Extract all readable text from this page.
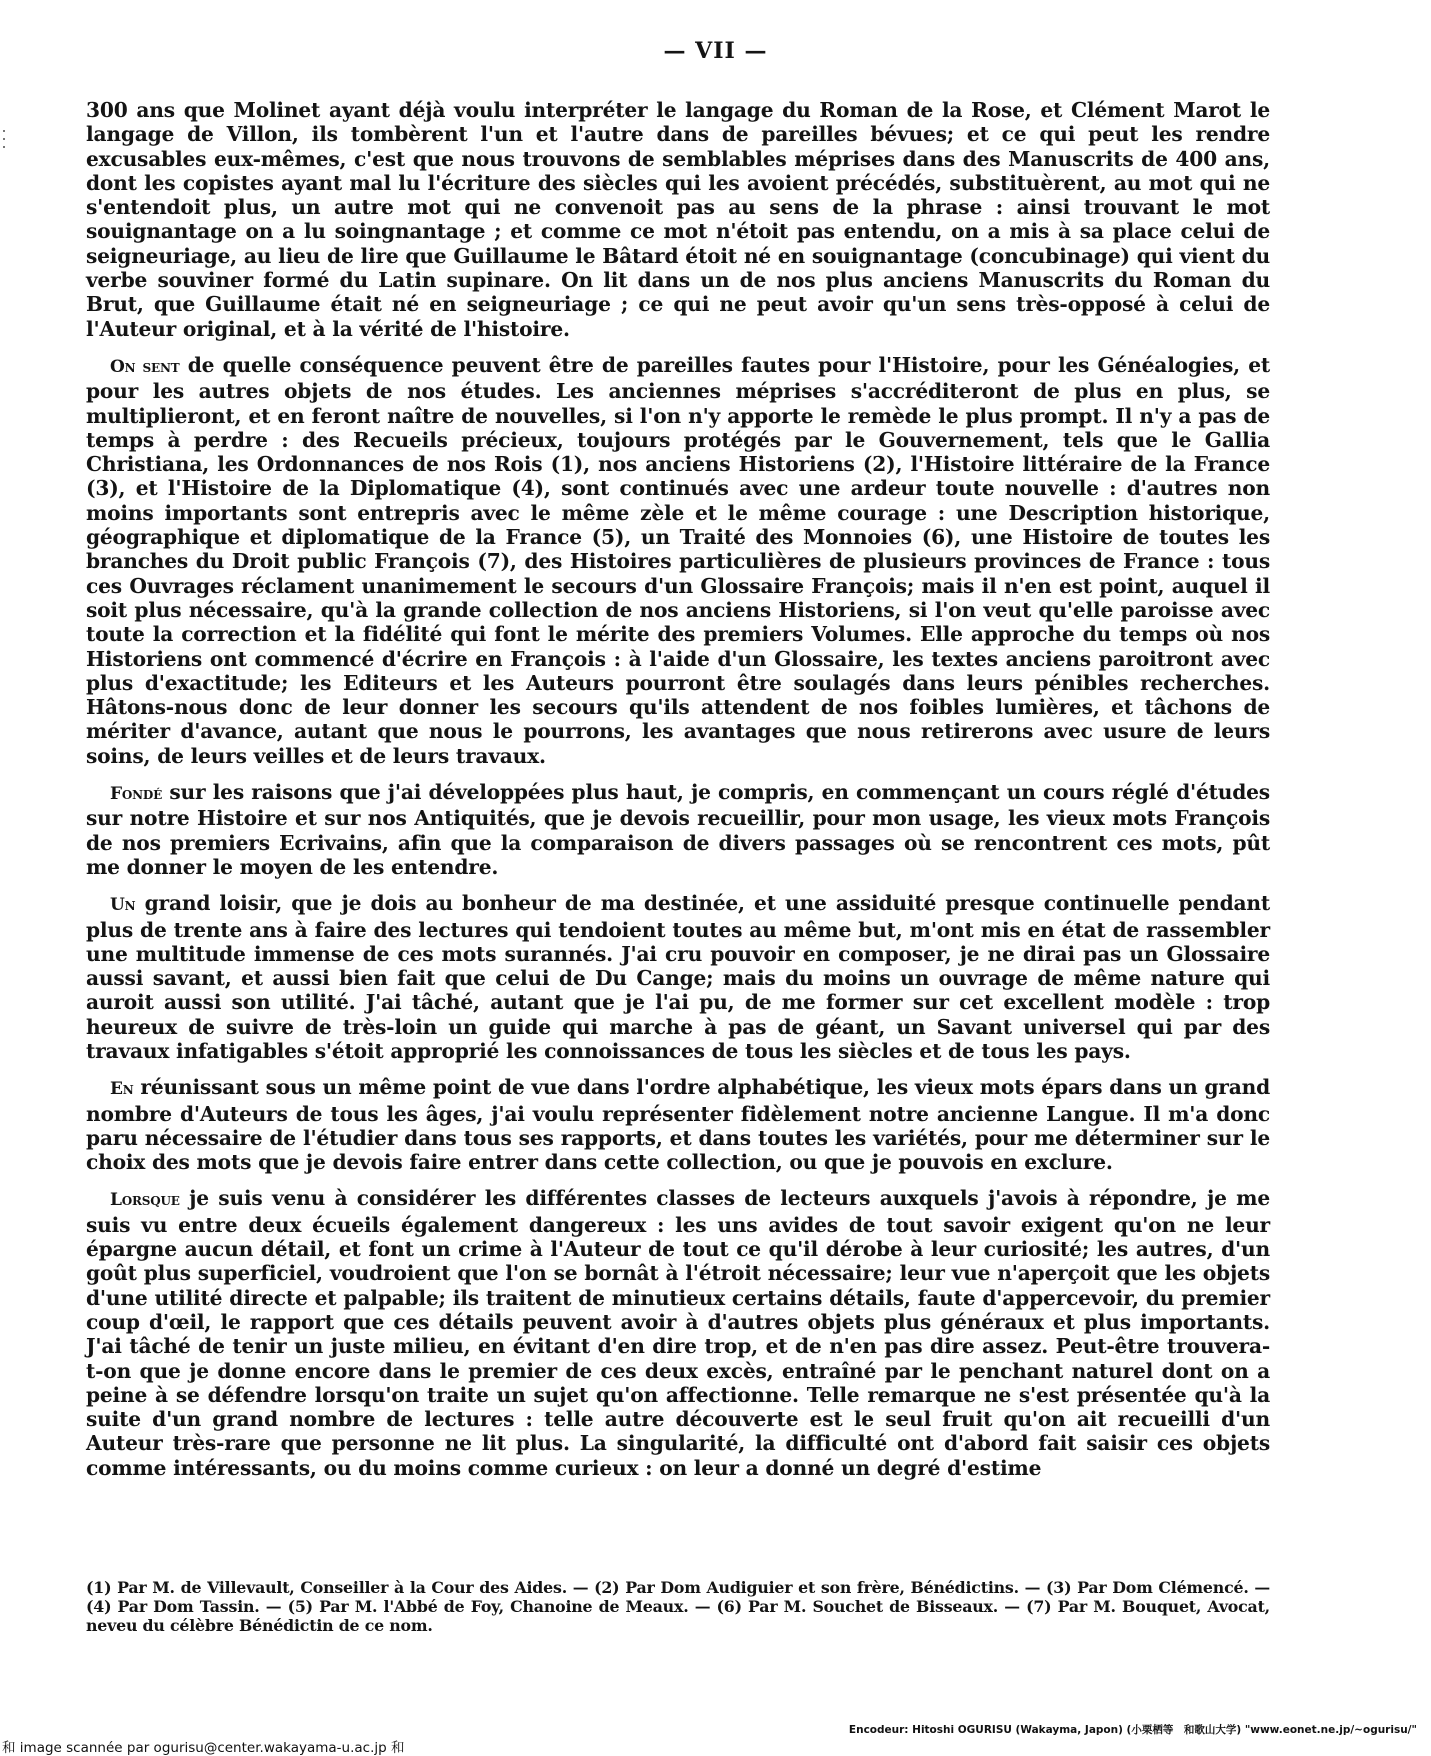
— VII —

300 ans que Molinet ayant déjà voulu interpréter le langage du Roman de la Rose, et Clément Marot le langage de Villon, ils tombèrent l'un et l'autre dans de pareilles bévues; et ce qui peut les rendre excusables eux-mêmes, c'est que nous trouvons de semblables méprises dans des Manuscrits de 400 ans, dont les copistes ayant mal lu l'écriture des siècles qui les avoient précédés, substituèrent, au mot qui ne s'entendoit plus, un autre mot qui ne convenoit pas au sens de la phrase : ainsi trouvant le mot souignantage on a lu soingnantage ; et comme ce mot n'étoit pas entendu, on a mis à sa place celui de seigneuriage, au lieu de lire que Guillaume le Bâtard étoit né en souignantage (concubinage) qui vient du verbe souviner formé du Latin supinare. On lit dans un de nos plus anciens Manuscrits du Roman du Brut, que Guillaume était né en seigneuriage ; ce qui ne peut avoir qu'un sens très-opposé à celui de l'Auteur original, et à la vérité de l'histoire.

On sent de quelle conséquence peuvent être de pareilles fautes pour l'Histoire, pour les Généalogies, et pour les autres objets de nos études. Les anciennes méprises s'accréditeront de plus en plus, se multiplieront, et en feront naître de nouvelles, si l'on n'y apporte le remède le plus prompt. Il n'y a pas de temps à perdre : des Recueils précieux, toujours protégés par le Gouvernement, tels que le Gallia Christiana, les Ordonnances de nos Rois (1), nos anciens Historiens (2), l'Histoire littéraire de la France (3), et l'Histoire de la Diplomatique (4), sont continués avec une ardeur toute nouvelle : d'autres non moins importants sont entrepris avec le même zèle et le même courage : une Description historique, géographique et diplomatique de la France (5), un Traité des Monnoies (6), une Histoire de toutes les branches du Droit public François (7), des Histoires particulières de plusieurs provinces de France : tous ces Ouvrages réclament unanimement le secours d'un Glossaire François; mais il n'en est point, auquel il soit plus nécessaire, qu'à la grande collection de nos anciens Historiens, si l'on veut qu'elle paroisse avec toute la correction et la fidélité qui font le mérite des premiers Volumes. Elle approche du temps où nos Historiens ont commencé d'écrire en François : à l'aide d'un Glossaire, les textes anciens paroitront avec plus d'exactitude; les Editeurs et les Auteurs pourront être soulagés dans leurs pénibles recherches. Hâtons-nous donc de leur donner les secours qu'ils attendent de nos foibles lumières, et tâchons de mériter d'avance, autant que nous le pourrons, les avantages que nous retirerons avec usure de leurs soins, de leurs veilles et de leurs travaux.

Fondé sur les raisons que j'ai développées plus haut, je compris, en commençant un cours réglé d'études sur notre Histoire et sur nos Antiquités, que je devois recueillir, pour mon usage, les vieux mots François de nos premiers Ecrivains, afin que la comparaison de divers passages où se rencontrent ces mots, pût me donner le moyen de les entendre.

Un grand loisir, que je dois au bonheur de ma destinée, et une assiduité presque continuelle pendant plus de trente ans à faire des lectures qui tendoient toutes au même but, m'ont mis en état de rassembler une multitude immense de ces mots surannés. J'ai cru pouvoir en composer, je ne dirai pas un Glossaire aussi savant, et aussi bien fait que celui de Du Cange; mais du moins un ouvrage de même nature qui auroit aussi son utilité. J'ai tâché, autant que je l'ai pu, de me former sur cet excellent modèle : trop heureux de suivre de très-loin un guide qui marche à pas de géant, un Savant universel qui par des travaux infatigables s'étoit approprié les connoissances de tous les siècles et de tous les pays.

En réunissant sous un même point de vue dans l'ordre alphabétique, les vieux mots épars dans un grand nombre d'Auteurs de tous les âges, j'ai voulu représenter fidèlement notre ancienne Langue. Il m'a donc paru nécessaire de l'étudier dans tous ses rapports, et dans toutes les variétés, pour me déterminer sur le choix des mots que je devois faire entrer dans cette collection, ou que je pouvois en exclure.

Lorsque je suis venu à considérer les différentes classes de lecteurs auxquels j'avois à répondre, je me suis vu entre deux écueils également dangereux : les uns avides de tout savoir exigent qu'on ne leur épargne aucun détail, et font un crime à l'Auteur de tout ce qu'il dérobe à leur curiosité; les autres, d'un goût plus superficiel, voudroient que l'on se bornât à l'étroit nécessaire; leur vue n'aperçoit que les objets d'une utilité directe et palpable; ils traitent de minutieux certains détails, faute d'appercevoir, du premier coup d'œil, le rapport que ces détails peuvent avoir à d'autres objets plus généraux et plus importants. J'ai tâché de tenir un juste milieu, en évitant d'en dire trop, et de n'en pas dire assez. Peut-être trouvera-t-on que je donne encore dans le premier de ces deux excès, entraîné par le penchant naturel dont on a peine à se défendre lorsqu'on traite un sujet qu'on affectionne. Telle remarque ne s'est présentée qu'à la suite d'un grand nombre de lectures : telle autre découverte est le seul fruit qu'on ait recueilli d'un Auteur très-rare que personne ne lit plus. La singularité, la difficulté ont d'abord fait saisir ces objets comme intéressants, ou du moins comme curieux : on leur a donné un degré d'estime

(1) Par M. de Villevault, Conseiller à la Cour des Aides. — (2) Par Dom Audiguier et son frère, Bénédictins. — (3) Par Dom Clémencé. — (4) Par Dom Tassin. — (5) Par M. l'Abbé de Foy, Chanoine de Meaux. — (6) Par M. Souchet de Bisseaux. — (7) Par M. Bouquet, Avocat, neveu du célèbre Bénédictin de ce nom.

Encodeur: Hitoshi OGURISU (Wakayma, Japon) (小栗栖等　和歌山大学) "www.eonet.ne.jp/~ogurisu/"
和 image scannée par ogurisu@center.wakayama-u.ac.jp 和
